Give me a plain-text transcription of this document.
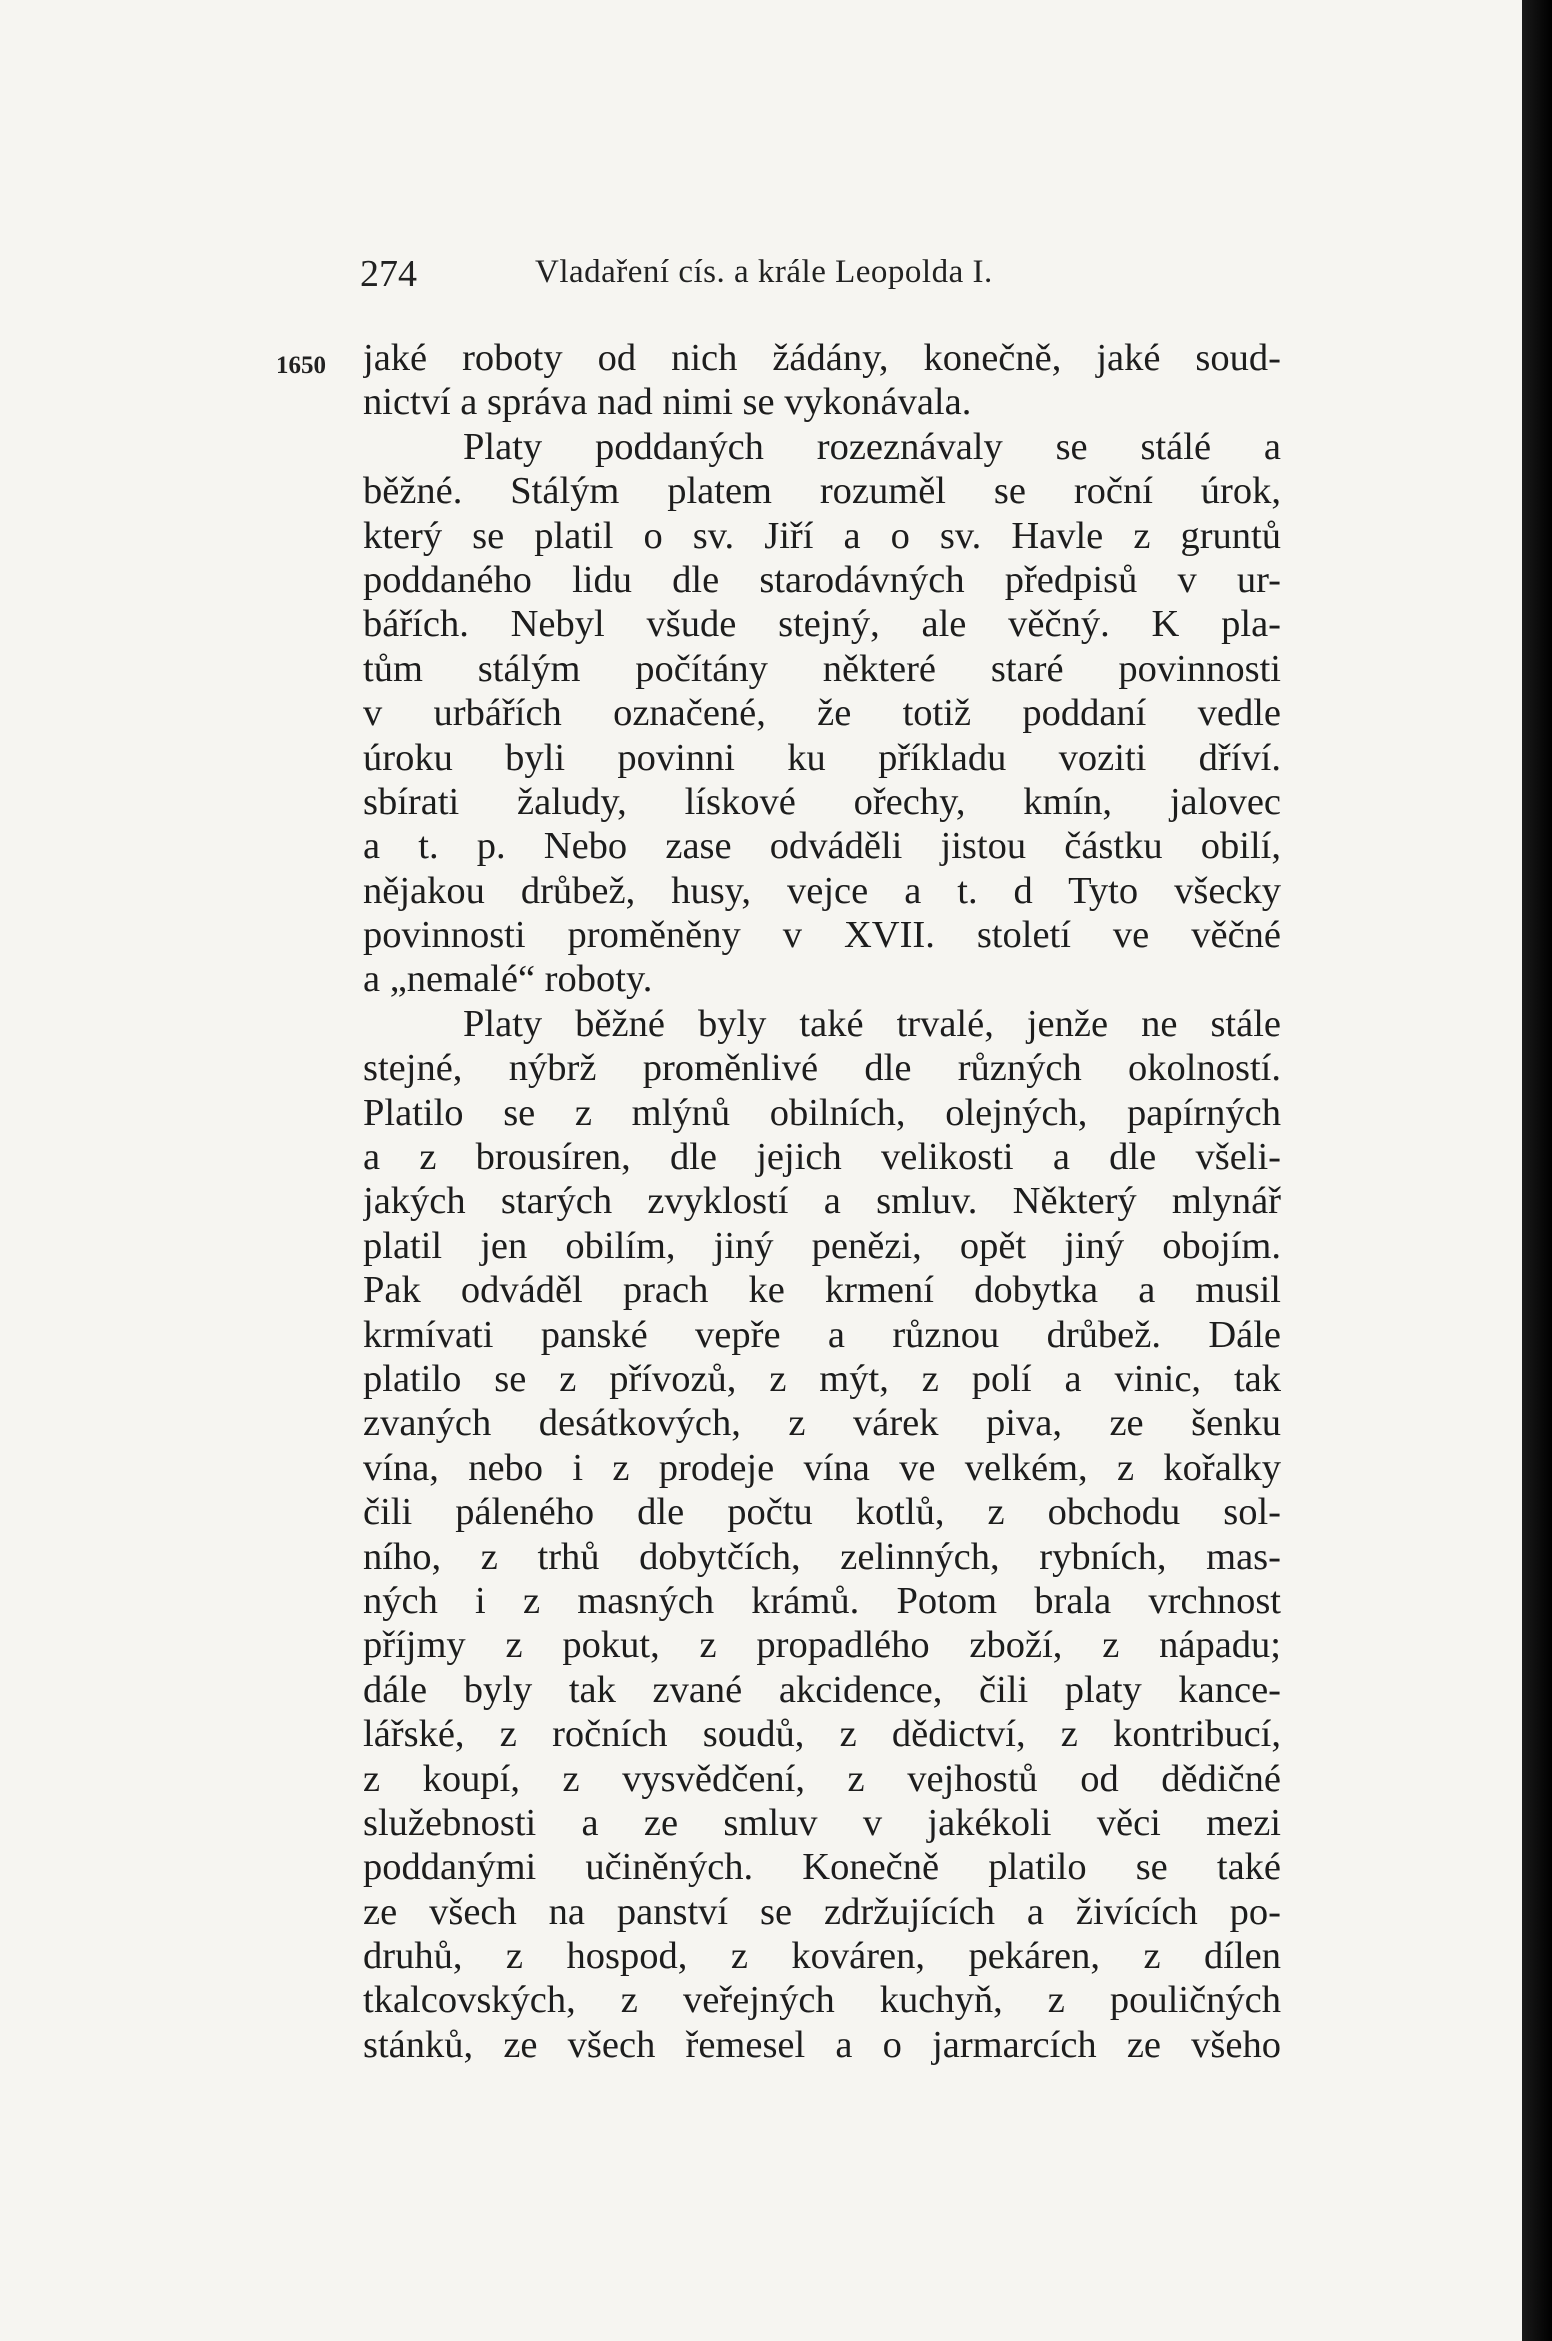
274	Vladaření cís. a krále Leopolda I.
1650 jaké roboty od nich žádány, konečně, jaké soud-
nictví a správa nad nimi se vykonávala.
Platy poddaných rozeznávaly se stálé a
běžné. Stálým platem rozuměl se roční úrok,
který se platil o sv. Jiří a o sv. Havle z gruntů
poddaného lidu dle starodávných předpisů v ur-
bářích. Nebyl všude stejný, ale věčný. K pla-
tům stálým počítány některé staré povinnosti
v urbářích označené, že totiž poddaní vedle
úroku byli povinni ku příkladu voziti dříví.
sbírati žaludy, lískové ořechy, kmín, jalovec
a t. p. Nebo zase odváděli jistou částku obilí,
nějakou drůbež, husy, vejce a t. d Tyto všecky
povinnosti proměněny v XVII. století ve věčné
a „nemalé“ roboty.
Platy běžné byly také trvalé, jenže ne stále
stejné, nýbrž proměnlivé dle různých okolností.
Platilo se z mlýnů obilních, olejných, papírných
a z brousíren, dle jejich velikosti a dle všeli-
jakých starých zvyklostí a smluv. Některý mlynář
platil jen obilím, jiný penězi, opět jiný obojím.
Pak odváděl prach ke krmení dobytka a musil
krmívati panské vepře a různou drůbež. Dále
platilo se z přívozů, z mýt, z polí a vinic, tak
zvaných desátkových, z várek piva, ze šenku
vína, nebo i z prodeje vína ve velkém, z kořalky
čili páleného dle počtu kotlů, z obchodu sol-
ního, z trhů dobytčích, zelinných, rybních, mas-
ných i z masných krámů. Potom brala vrchnost
příjmy z pokut, z propadlého zboží, z nápadu;
dále byly tak zvané akcidence, čili platy kance-
lářské, z ročních soudů, z dědictví, z kontribucí,
z koupí, z vysvědčení, z vejhostů od dědičné
služebnosti a ze smluv v jakékoli věci mezi
poddanými učiněných. Konečně platilo se také
ze všech na panství se zdržujících a živících po-
druhů, z hospod, z kováren, pekáren, z dílen
tkalcovských, z veřejných kuchyň, z pouličných
stánků, ze všech řemesel a o jarmarcích ze všeho
